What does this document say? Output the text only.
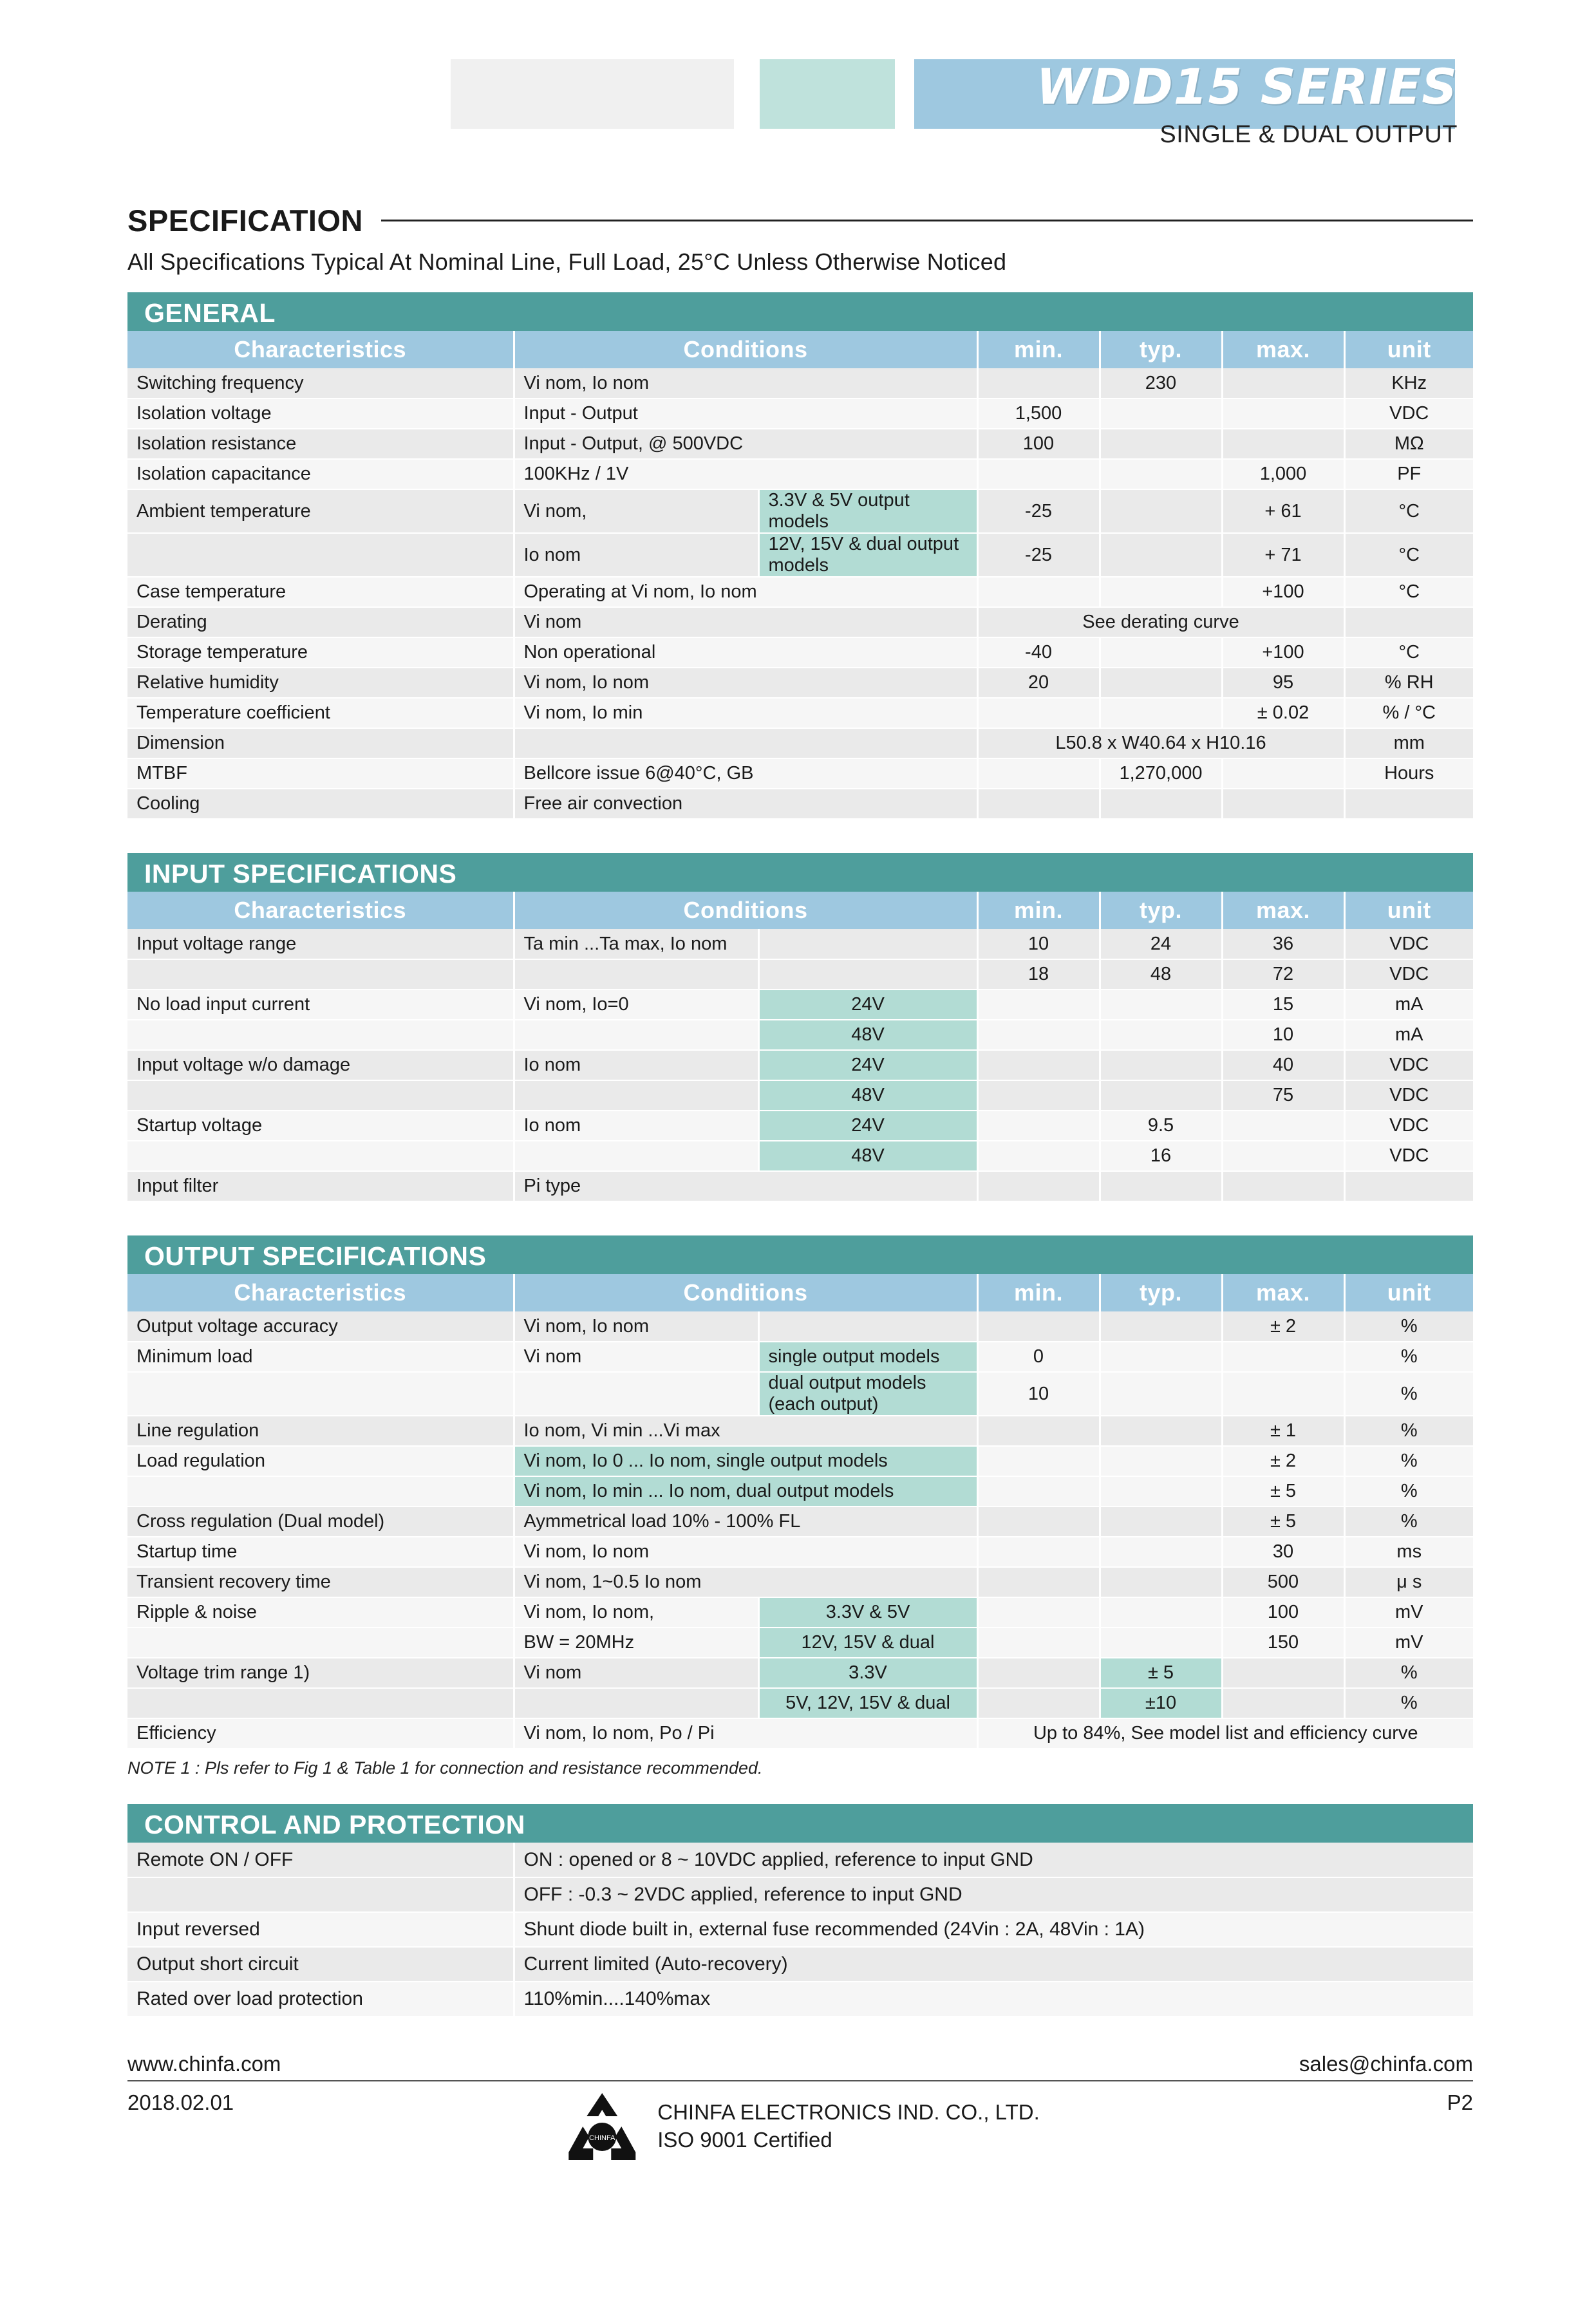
WDD15 SERIES
SINGLE & DUAL OUTPUT
SPECIFICATION
All Specifications Typical At Nominal Line, Full Load, 25°C Unless Otherwise Noticed
GENERAL
Characteristics	Conditions		min.	typ.	max.	unit
Switching frequency	Vi nom, Io nom			230		KHz
Isolation voltage	Input - Output		1,500			VDC
Isolation resistance	Input - Output, @ 500VDC		100			MΩ
Isolation capacitance	100KHz / 1V				1,000	PF
Ambient temperature	Vi nom,	3.3V & 5V output models	-25		+ 61	°C
	Io nom	12V, 15V & dual output models	-25		+ 71	°C
Case temperature	Operating at Vi nom, Io nom				+100	°C
Derating	Vi nom		See derating curve			
Storage temperature	Non operational		-40		+100	°C
Relative humidity	Vi nom, Io nom		20		95	% RH
Temperature coefficient	Vi nom, Io min				± 0.02	% / °C
Dimension			L50.8 x W40.64 x H10.16			mm
MTBF	Bellcore issue 6@40°C, GB			1,270,000		Hours
Cooling	Free air convection					
INPUT SPECIFICATIONS
Characteristics	Conditions		min.	typ.	max.	unit
Input voltage range	Ta min ...Ta max, Io nom		10	24	36	VDC
			18	48	72	VDC
No load input current	Vi nom, Io=0	24V			15	mA
		48V			10	mA
Input voltage w/o damage	Io nom	24V			40	VDC
		48V			75	VDC
Startup voltage	Io nom	24V		9.5		VDC
		48V		16		VDC
Input filter	Pi type					
OUTPUT SPECIFICATIONS
Characteristics	Conditions		min.	typ.	max.	unit
Output voltage accuracy	Vi nom, Io nom				± 2	%
Minimum load	Vi nom	single output models	0			%
		dual output models (each output)	10			%
Line regulation	Io nom, Vi min ...Vi max				± 1	%
Load regulation	Vi nom, Io 0 ... Io nom, single output models				± 2	%
	Vi nom, Io min ... Io nom, dual output models				± 5	%
Cross regulation (Dual model)	Aymmetrical load 10% - 100% FL				± 5	%
Startup time	Vi nom, Io nom				30	ms
Transient recovery time	Vi nom, 1~0.5 Io nom				500	μ s
Ripple & noise	Vi nom, Io nom,	3.3V & 5V			100	mV
	BW = 20MHz	12V, 15V & dual			150	mV
Voltage trim range 1)	Vi nom	3.3V		± 5		%
		5V, 12V, 15V & dual		±10		%
Efficiency	Vi nom, Io nom, Po / Pi		Up to 84%, See model list and efficiency curve			
NOTE 1 : Pls refer to Fig 1 & Table 1 for connection and resistance recommended.
CONTROL AND PROTECTION
Remote ON / OFF	ON : opened or 8 ~ 10VDC applied, reference to input GND
	OFF : -0.3 ~ 2VDC applied, reference to input GND
Input reversed	Shunt diode built in, external fuse recommended (24Vin : 2A, 48Vin : 1A)
Output short circuit	Current limited (Auto-recovery)
Rated over load protection	110%min....140%max
www.chinfa.com	sales@chinfa.com
2018.02.01
CHINFA
CHINFA ELECTRONICS IND. CO., LTD.
ISO 9001 Certified
P2
